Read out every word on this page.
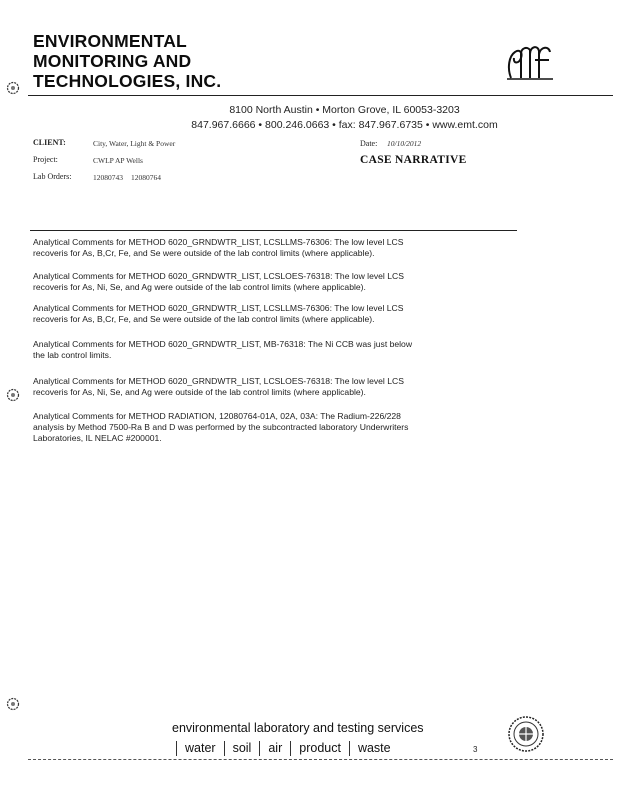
ENVIRONMENTAL
MONITORING AND
TECHNOLOGIES, INC.
8100 North Austin • Morton Grove, IL 60053-3203
847.967.6666 • 800.246.0663 • fax: 847.967.6735 • www.emt.com
CLIENT:	City, Water, Light & Power
Project:	CWLP AP Wells
Lab Orders:	12080743 12080764
Date: 10/10/2012
CASE NARRATIVE
Analytical Comments for METHOD 6020_GRNDWTR_LIST, LCSLLMS-76306: The low level LCS
recoveris for As, B,Cr, Fe, and Se were outside of the lab control limits (where applicable).
Analytical Comments for METHOD 6020_GRNDWTR_LIST, LCSLOES-76318: The low level LCS
recoveris for As, Ni, Se, and Ag were outside of the lab control limits (where applicable).
Analytical Comments for METHOD 6020_GRNDWTR_LIST, LCSLLMS-76306: The low level LCS
recoveris for As, B,Cr, Fe, and Se were outside of the lab control limits (where applicable).
Analytical Comments for METHOD 6020_GRNDWTR_LIST, MB-76318: The Ni CCB was just below
the lab control limits.
Analytical Comments for METHOD 6020_GRNDWTR_LIST, LCSLOES-76318: The low level LCS
recoveris for As, Ni, Se, and Ag were outside of the lab control limits (where applicable).
Analytical Comments for METHOD RADIATION, 12080764-01A, 02A, 03A: The Radium-226/228
analysis by Method 7500-Ra B and D was performed by the subcontracted laboratory Underwriters
Laboratories, IL NELAC #200001.
environmental laboratory and testing services
water	soil	air	product	waste	3
